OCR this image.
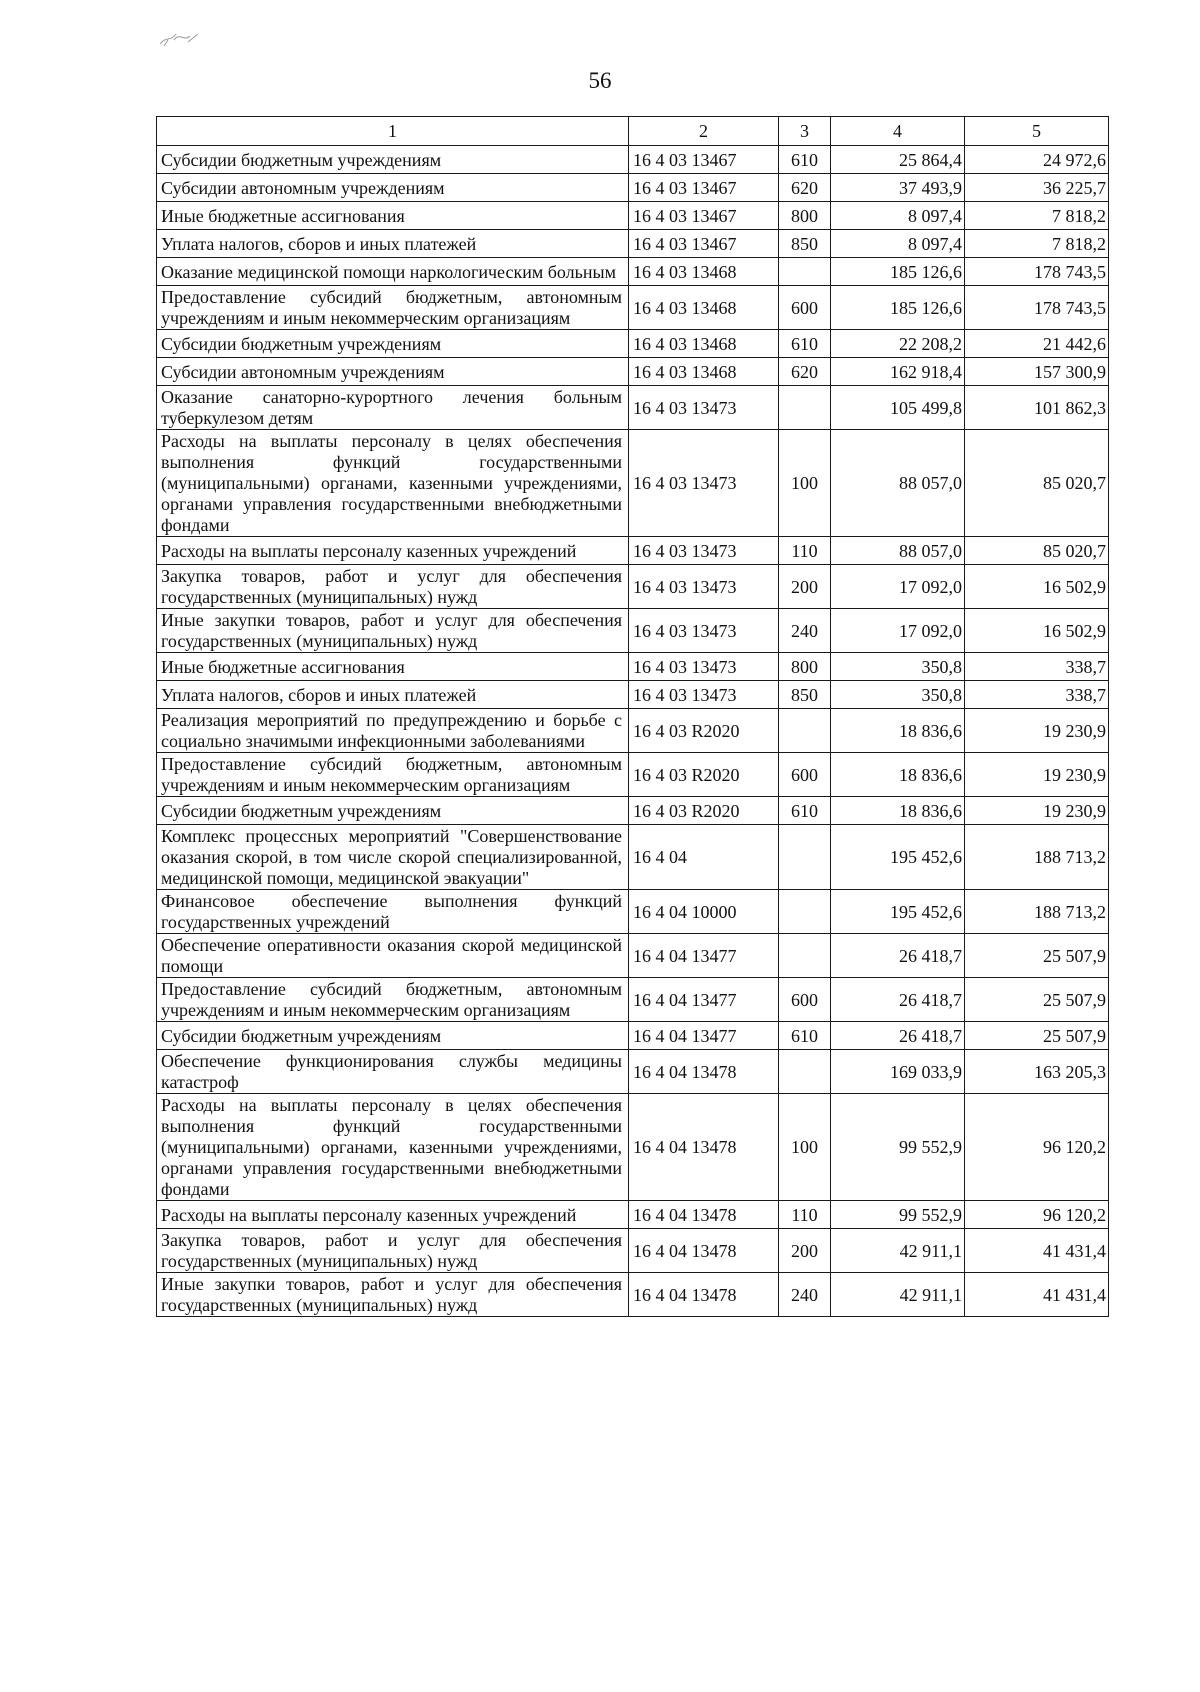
56
1	2	3	4	5
Субсидии бюджетным учреждениям	16 4 03 13467	610	25 864,4	24 972,6
Субсидии автономным учреждениям	16 4 03 13467	620	37 493,9	36 225,7
Иные бюджетные ассигнования	16 4 03 13467	800	8 097,4	7 818,2
Уплата налогов, сборов и иных платежей	16 4 03 13467	850	8 097,4	7 818,2
Оказание медицинской помощи наркологическим больным	16 4 03 13468		185 126,6	178 743,5
Предоставление субсидий бюджетным, автономным учреждениям и иным некоммерческим организациям	16 4 03 13468	600	185 126,6	178 743,5
Субсидии бюджетным учреждениям	16 4 03 13468	610	22 208,2	21 442,6
Субсидии автономным учреждениям	16 4 03 13468	620	162 918,4	157 300,9
Оказание санаторно-курортного лечения больным туберкулезом детям	16 4 03 13473		105 499,8	101 862,3
Расходы на выплаты персоналу в целях обеспечения выполнения функций государственными (муниципальными) органами, казенными учреждениями, органами управления государственными внебюджетными фондами	16 4 03 13473	100	88 057,0	85 020,7
Расходы на выплаты персоналу казенных учреждений	16 4 03 13473	110	88 057,0	85 020,7
Закупка товаров, работ и услуг для обеспечения государственных (муниципальных) нужд	16 4 03 13473	200	17 092,0	16 502,9
Иные закупки товаров, работ и услуг для обеспечения государственных (муниципальных) нужд	16 4 03 13473	240	17 092,0	16 502,9
Иные бюджетные ассигнования	16 4 03 13473	800	350,8	338,7
Уплата налогов, сборов и иных платежей	16 4 03 13473	850	350,8	338,7
Реализация мероприятий по предупреждению и борьбе с социально значимыми инфекционными заболеваниями	16 4 03 R2020		18 836,6	19 230,9
Предоставление субсидий бюджетным, автономным учреждениям и иным некоммерческим организациям	16 4 03 R2020	600	18 836,6	19 230,9
Субсидии бюджетным учреждениям	16 4 03 R2020	610	18 836,6	19 230,9
Комплекс процессных мероприятий "Совершенствование оказания скорой, в том числе скорой специализированной, медицинской помощи, медицинской эвакуации"	16 4 04		195 452,6	188 713,2
Финансовое обеспечение выполнения функций государственных учреждений	16 4 04 10000		195 452,6	188 713,2
Обеспечение оперативности оказания скорой медицинской помощи	16 4 04 13477		26 418,7	25 507,9
Предоставление субсидий бюджетным, автономным учреждениям и иным некоммерческим организациям	16 4 04 13477	600	26 418,7	25 507,9
Субсидии бюджетным учреждениям	16 4 04 13477	610	26 418,7	25 507,9
Обеспечение функционирования службы медицины катастроф	16 4 04 13478		169 033,9	163 205,3
Расходы на выплаты персоналу в целях обеспечения выполнения функций государственными (муниципальными) органами, казенными учреждениями, органами управления государственными внебюджетными фондами	16 4 04 13478	100	99 552,9	96 120,2
Расходы на выплаты персоналу казенных учреждений	16 4 04 13478	110	99 552,9	96 120,2
Закупка товаров, работ и услуг для обеспечения государственных (муниципальных) нужд	16 4 04 13478	200	42 911,1	41 431,4
Иные закупки товаров, работ и услуг для обеспечения государственных (муниципальных) нужд	16 4 04 13478	240	42 911,1	41 431,4
